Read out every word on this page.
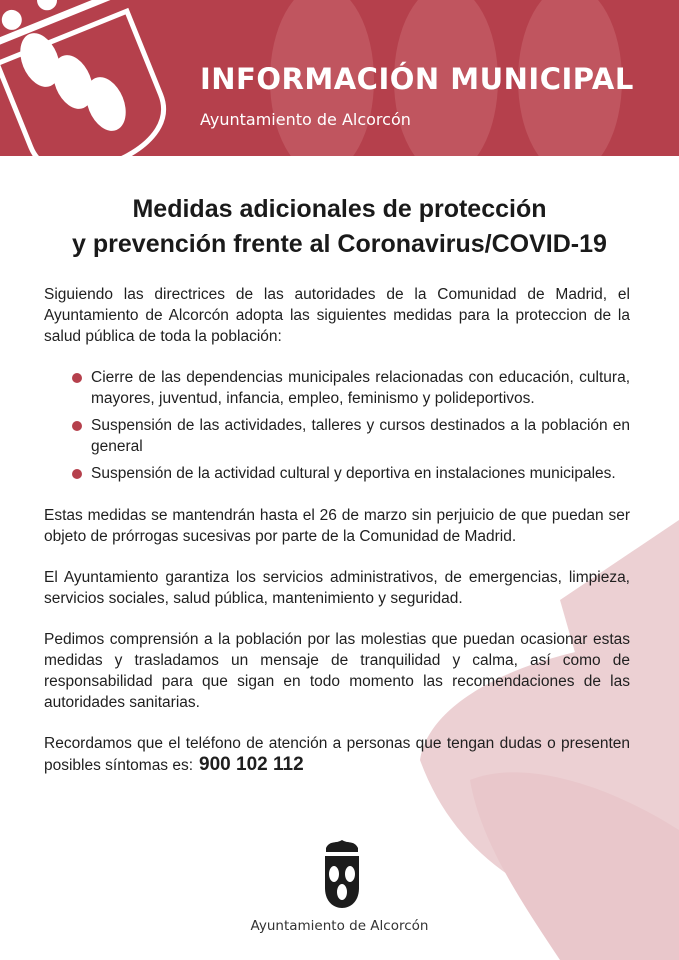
INFORMACIÓN MUNICIPAL
Ayuntamiento de Alcorcón
Medidas adicionales de protección
y prevención frente al Coronavirus/COVID-19

Siguiendo las directrices de las autoridades de la Comunidad de Madrid, el Ayuntamiento de Alcorcón adopta las siguientes medidas para la proteccion de la salud pública de toda la población:

Cierre de las dependencias municipales relacionadas con educación, cultura, mayores, juventud, infancia, empleo, feminismo y polideportivos.
Suspensión de las actividades, talleres y cursos destinados a la población en general
Suspensión de la actividad cultural y deportiva en instalaciones municipales.

Estas medidas se mantendrán hasta el 26 de marzo sin perjuicio de que puedan ser objeto de prórrogas sucesivas por parte de la Comunidad de Madrid.

El Ayuntamiento garantiza los servicios administrativos, de emergencias, limpieza, servicios sociales, salud pública, mantenimiento y seguridad.

Pedimos comprensión a la población por las molestias que puedan ocasionar estas medidas y trasladamos un mensaje de tranquilidad y calma, así como de responsabilidad para que sigan en todo momento las recomendaciones de las autoridades sanitarias.

Recordamos que el teléfono de atención a personas que tengan dudas o presenten posibles síntomas es: 900 102 112

Ayuntamiento de Alcorcón
